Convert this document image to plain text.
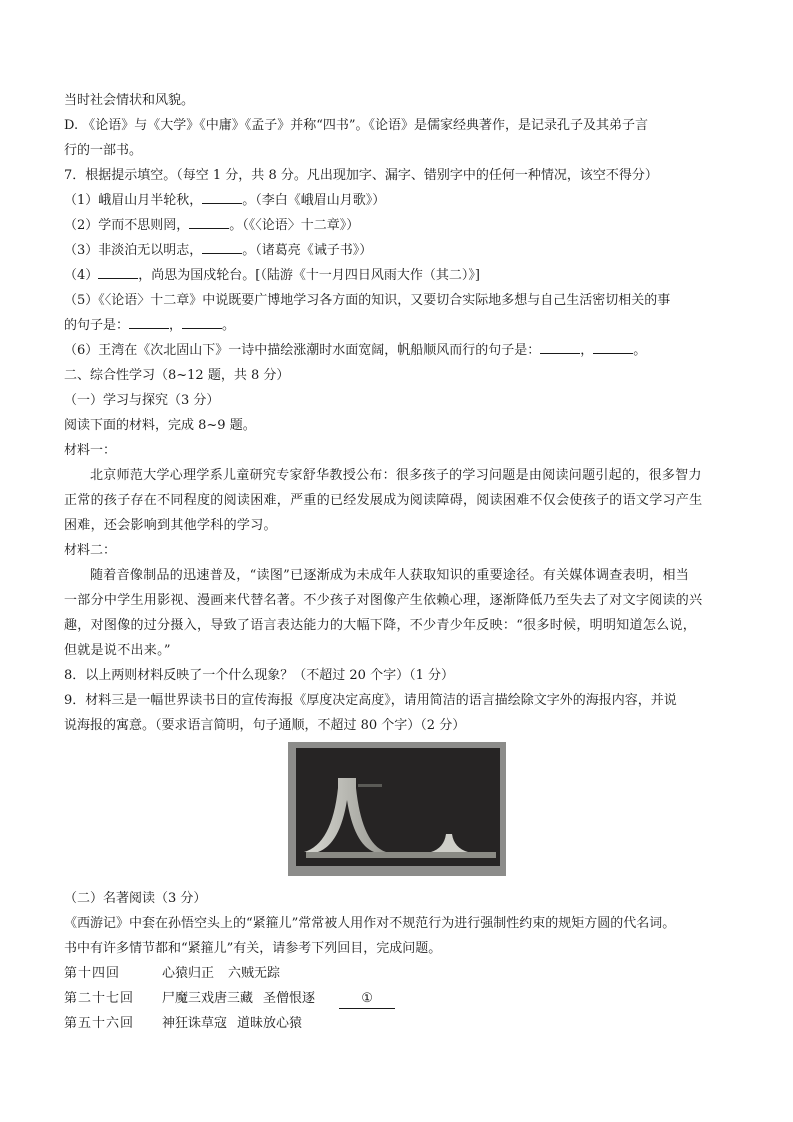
当时社会情状和风貌。
D. 《论语》与《大学》《中庸》《孟子》并称“四书”。《论语》是儒家经典著作，是记录孔子及其弟子言
行的一部书。
7．根据提示填空。（每空 1 分，共 8 分。凡出现加字、漏字、错别字中的任何一种情况，该空不得分）
（1）峨眉山月半轮秋，	。（李白《峨眉山月歌》）
（2）学而不思则罔，	。（《〈论语〉十二章》）
（3）非淡泊无以明志，	。（诸葛亮《诫子书》）
（4）	，尚思为国戍轮台。[（陆游《十一月四日风雨大作（其二）》]
（5）《〈论语〉十二章》中说既要广博地学习各方面的知识，又要切合实际地多想与自己生活密切相关的事
的句子是：	，	。
（6）王湾在《次北固山下》一诗中描绘涨潮时水面宽阔，帆船顺风而行的句子是：	，	。
二、综合性学习（8~12 题，共 8 分）
（一）学习与探究（3 分）
阅读下面的材料，完成 8~9 题。
材料一：
北京师范大学心理学系儿童研究专家舒华教授公布：很多孩子的学习问题是由阅读问题引起的，很多智力
正常的孩子存在不同程度的阅读困难，严重的已经发展成为阅读障碍，阅读困难不仅会使孩子的语文学习产生
困难，还会影响到其他学科的学习。
材料二：
随着音像制品的迅速普及，“读图”已逐渐成为未成年人获取知识的重要途径。有关媒体调查表明，相当
一部分中学生用影视、漫画来代替名著。不少孩子对图像产生依赖心理，逐渐降低乃至失去了对文字阅读的兴
趣，对图像的过分摄入，导致了语言表达能力的大幅下降，不少青少年反映：“很多时候，明明知道怎么说，
但就是说不出来。”
8．以上两则材料反映了一个什么现象？（不超过 20 个字）（1 分）
9．材料三是一幅世界读书日的宣传海报《厚度决定高度》，请用简洁的语言描绘除文字外的海报内容，并说
说海报的寓意。（要求语言简明，句子通顺，不超过 80 个字）（2 分）
（二）名著阅读（3 分）
《西游记》中套在孙悟空头上的“紧箍儿”常常被人用作对不规范行为进行强制性约束的规矩方圆的代名词。
书中有许多情节都和“紧箍儿”有关，请参考下列回目，完成问题。
第十四回	心猿归正 六贼无踪
第二十七回 尸魔三戏唐三藏 圣僧恨逐	①
第五十六回 神狂诛草寇 道昧放心猿
